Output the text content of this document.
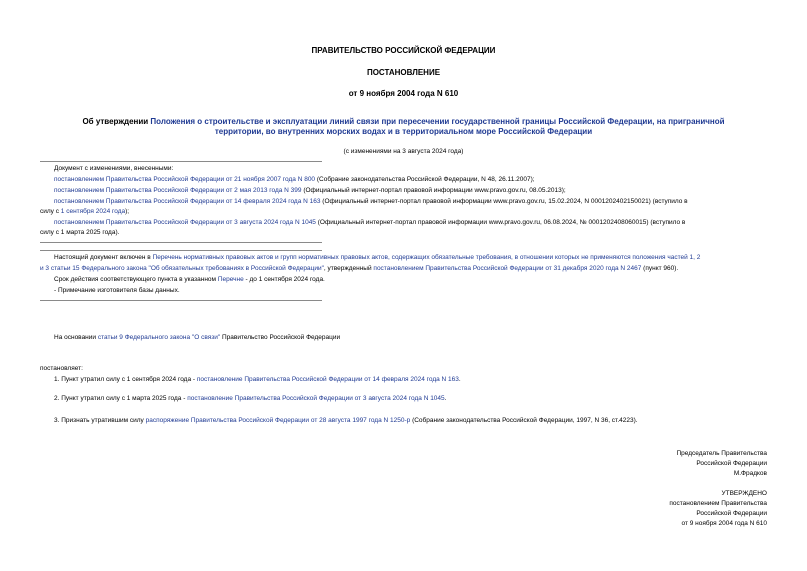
ПРАВИТЕЛЬСТВО РОССИЙСКОЙ ФЕДЕРАЦИИ
ПОСТАНОВЛЕНИЕ
от 9 ноября 2004 года N 610
Об утверждении Положения о строительстве и эксплуатации линий связи при пересечении государственной границы Российской Федерации, на приграничной
территории, во внутренних морских водах и в территориальном море Российской Федерации
(с изменениями на 3 августа 2024 года)
Документ с изменениями, внесенными:
постановлением Правительства Российской Федерации от 21 ноября 2007 года N 800 (Собрание законодательства Российской Федерации, N 48, 26.11.2007);
постановлением Правительства Российской Федерации от 2 мая 2013 года N 399 (Официальный интернет-портал правовой информации www.pravo.gov.ru, 08.05.2013);
постановлением Правительства Российской Федерации от 14 февраля 2024 года N 163 (Официальный интернет-портал правовой информации www.pravo.gov.ru, 15.02.2024, N 0001202402150021) (вступило в
силу с 1 сентября 2024 года);
постановлением Правительства Российской Федерации от 3 августа 2024 года N 1045 (Официальный интернет-портал правовой информации www.pravo.gov.ru, 06.08.2024, № 0001202408060015) (вступило в
силу с 1 марта 2025 года).
Настоящий документ включен в Перечень нормативных правовых актов и групп нормативных правовых актов, содержащих обязательные требования, в отношении которых не применяются положения частей 1, 2
и 3 статьи 15 Федерального закона "Об обязательных требованиях в Российской Федерации", утвержденный постановлением Правительства Российской Федерации от 31 декабря 2020 года N 2467 (пункт 960).
Срок действия соответствующего пункта в указанном Перечне - до 1 сентября 2024 года.
- Примечание изготовителя базы данных.
На основании статьи 9 Федерального закона "О связи" Правительство Российской Федерации
постановляет:
1. Пункт утратил силу с 1 сентября 2024 года - постановление Правительства Российской Федерации от 14 февраля 2024 года N 163.
2. Пункт утратил силу с 1 марта 2025 года - постановление Правительства Российской Федерации от 3 августа 2024 года N 1045.
3. Признать утратившим силу распоряжение Правительства Российской Федерации от 28 августа 1997 года N 1250-р (Собрание законодательства Российской Федерации, 1997, N 36, ст.4223).
Председатель Правительства
Российской Федерации
М.Фрадков
УТВЕРЖДЕНО
постановлением Правительства
Российской Федерации
от 9 ноября 2004 года N 610
